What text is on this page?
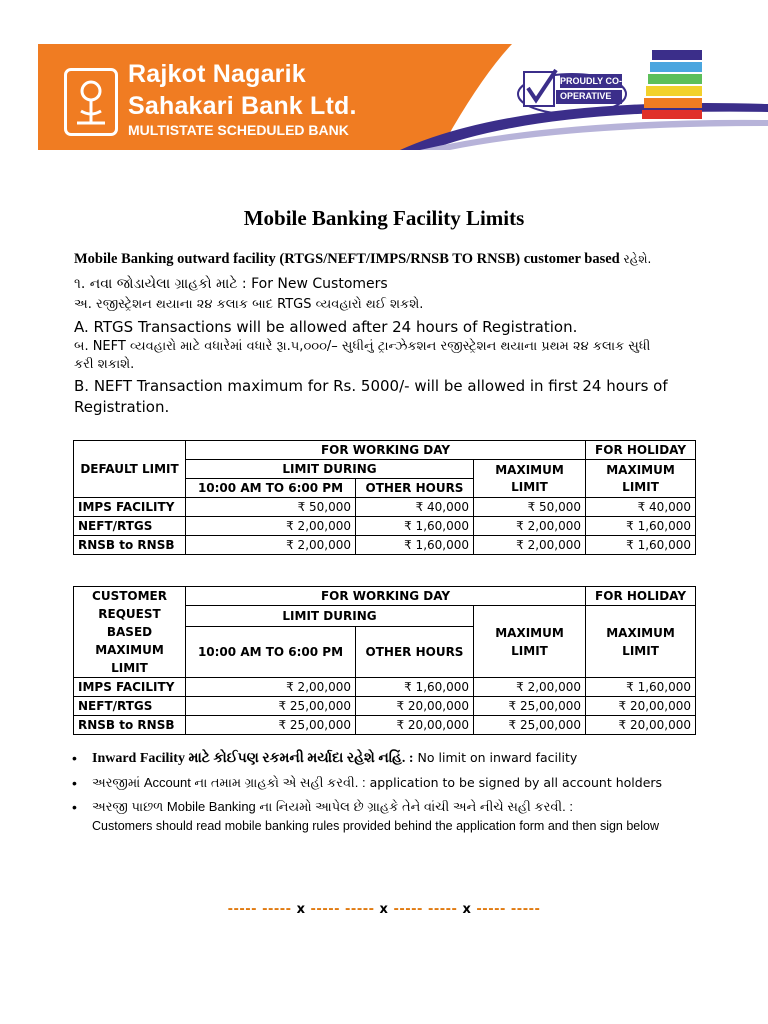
Rajkot Nagarik
Sahakari Bank Ltd.
MULTISTATE SCHEDULED BANK
PROUDLY CO-OPERATIVE
Mobile Banking Facility Limits
Mobile Banking outward facility (RTGS/NEFT/IMPS/RNSB TO RNSB) customer based રહેશે.
૧. નવા જોડાયેલા ગ્રાહકો માટે : For New Customers
અ. રજીસ્ટ્રેશન થયાના ૨૪ કલાક બાદ RTGS વ્યવહારો થઈ શકશે.
A. RTGS Transactions will be allowed after 24 hours of Registration.
બ. NEFT વ્યવહારો માટે વધારેમાં વધારે રૂા.૫,૦૦૦/– સુધીનું ટ્રાન્ઝેકશન રજીસ્ટ્રેશન થયાના પ્રથમ ૨૪ કલાક સુધી
કરી શકાશે.
B. NEFT Transaction maximum for Rs. 5000/- will be allowed in first 24 hours of
Registration.
DEFAULT LIMIT	FOR WORKING DAY			FOR HOLIDAY
	LIMIT DURING		MAXIMUM LIMIT	MAXIMUM LIMIT
	10:00 AM TO 6:00 PM	OTHER HOURS		
IMPS FACILITY	₹ 50,000	₹ 40,000	₹ 50,000	₹ 40,000
NEFT/RTGS	₹ 2,00,000	₹ 1,60,000	₹ 2,00,000	₹ 1,60,000
RNSB to RNSB	₹ 2,00,000	₹ 1,60,000	₹ 2,00,000	₹ 1,60,000
CUSTOMER REQUEST BASED MAXIMUM LIMIT	FOR WORKING DAY			FOR HOLIDAY
	LIMIT DURING		MAXIMUM LIMIT	MAXIMUM LIMIT
	10:00 AM TO 6:00 PM	OTHER HOURS		
IMPS FACILITY	₹ 2,00,000	₹ 1,60,000	₹ 2,00,000	₹ 1,60,000
NEFT/RTGS	₹ 25,00,000	₹ 20,00,000	₹ 25,00,000	₹ 20,00,000
RNSB to RNSB	₹ 25,00,000	₹ 20,00,000	₹ 25,00,000	₹ 20,00,000
• Inward Facility માટે કોઈપણ રકમની મર્યાદા રહેશે નહિં. : No limit on inward facility
• અરજીમાં Account ના તમામ ગ્રાહકો એ સહી કરવી. : application to be signed by all account holders
• અરજી પાછળ Mobile Banking ના નિયમો આપેલ છે ગ્રાહકે તેને વાંચી અને નીચે સહી કરવી. :
Customers should read mobile banking rules provided behind the application form and then sign below
----- ----- x ----- ----- x ----- ----- x ----- -----
